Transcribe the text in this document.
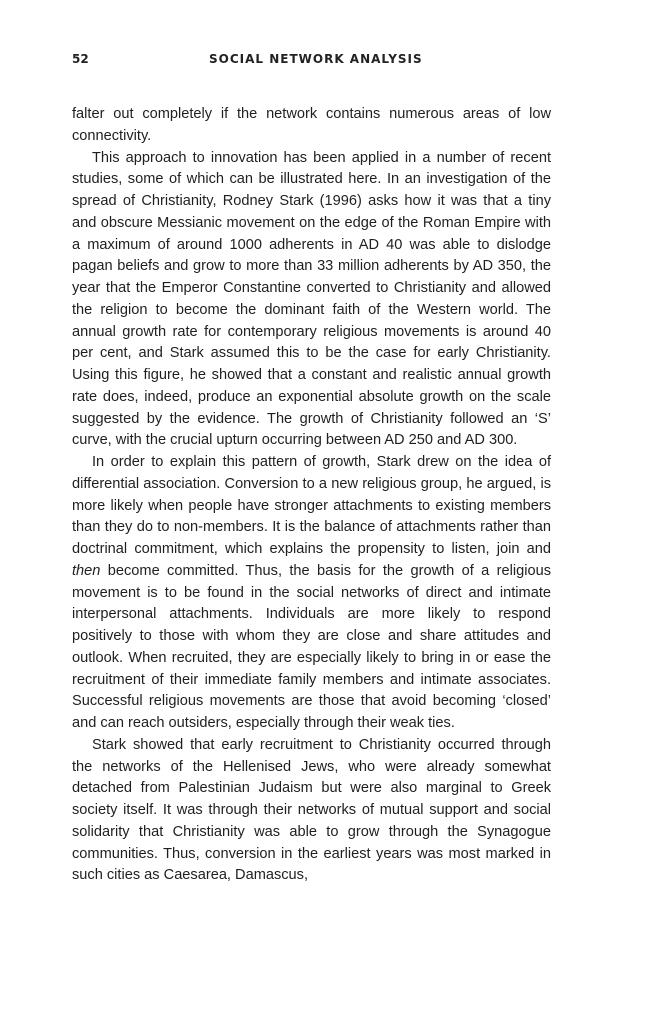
52	SOCIAL NETWORK ANALYSIS

falter out completely if the network contains numerous areas of low connectivity.

This approach to innovation has been applied in a number of recent studies, some of which can be illustrated here. In an investigation of the spread of Christianity, Rodney Stark (1996) asks how it was that a tiny and obscure Messianic movement on the edge of the Roman Empire with a maximum of around 1000 adherents in AD 40 was able to dislodge pagan beliefs and grow to more than 33 million adherents by AD 350, the year that the Emperor Constantine converted to Christianity and allowed the religion to become the dominant faith of the Western world. The annual growth rate for contemporary religious movements is around 40 per cent, and Stark assumed this to be the case for early Christianity. Using this figure, he showed that a constant and realistic annual growth rate does, indeed, produce an exponential absolute growth on the scale suggested by the evidence. The growth of Christianity followed an ‘S’ curve, with the crucial upturn occurring between AD 250 and AD 300.

In order to explain this pattern of growth, Stark drew on the idea of differential association. Conversion to a new religious group, he argued, is more likely when people have stronger attachments to existing members than they do to non-members. It is the balance of attachments rather than doctrinal commitment, which explains the propensity to listen, join and then become committed. Thus, the basis for the growth of a religious movement is to be found in the social networks of direct and intimate interpersonal attachments. Individuals are more likely to respond positively to those with whom they are close and share attitudes and outlook. When recruited, they are especially likely to bring in or ease the recruitment of their immediate family members and intimate associates. Successful religious movements are those that avoid becoming ‘closed’ and can reach outsiders, especially through their weak ties.

Stark showed that early recruitment to Christianity occurred through the networks of the Hellenised Jews, who were already somewhat detached from Palestinian Judaism but were also marginal to Greek society itself. It was through their networks of mutual support and social solidarity that Christianity was able to grow through the Synagogue communities. Thus, conversion in the earliest years was most marked in such cities as Caesarea, Damascus,
